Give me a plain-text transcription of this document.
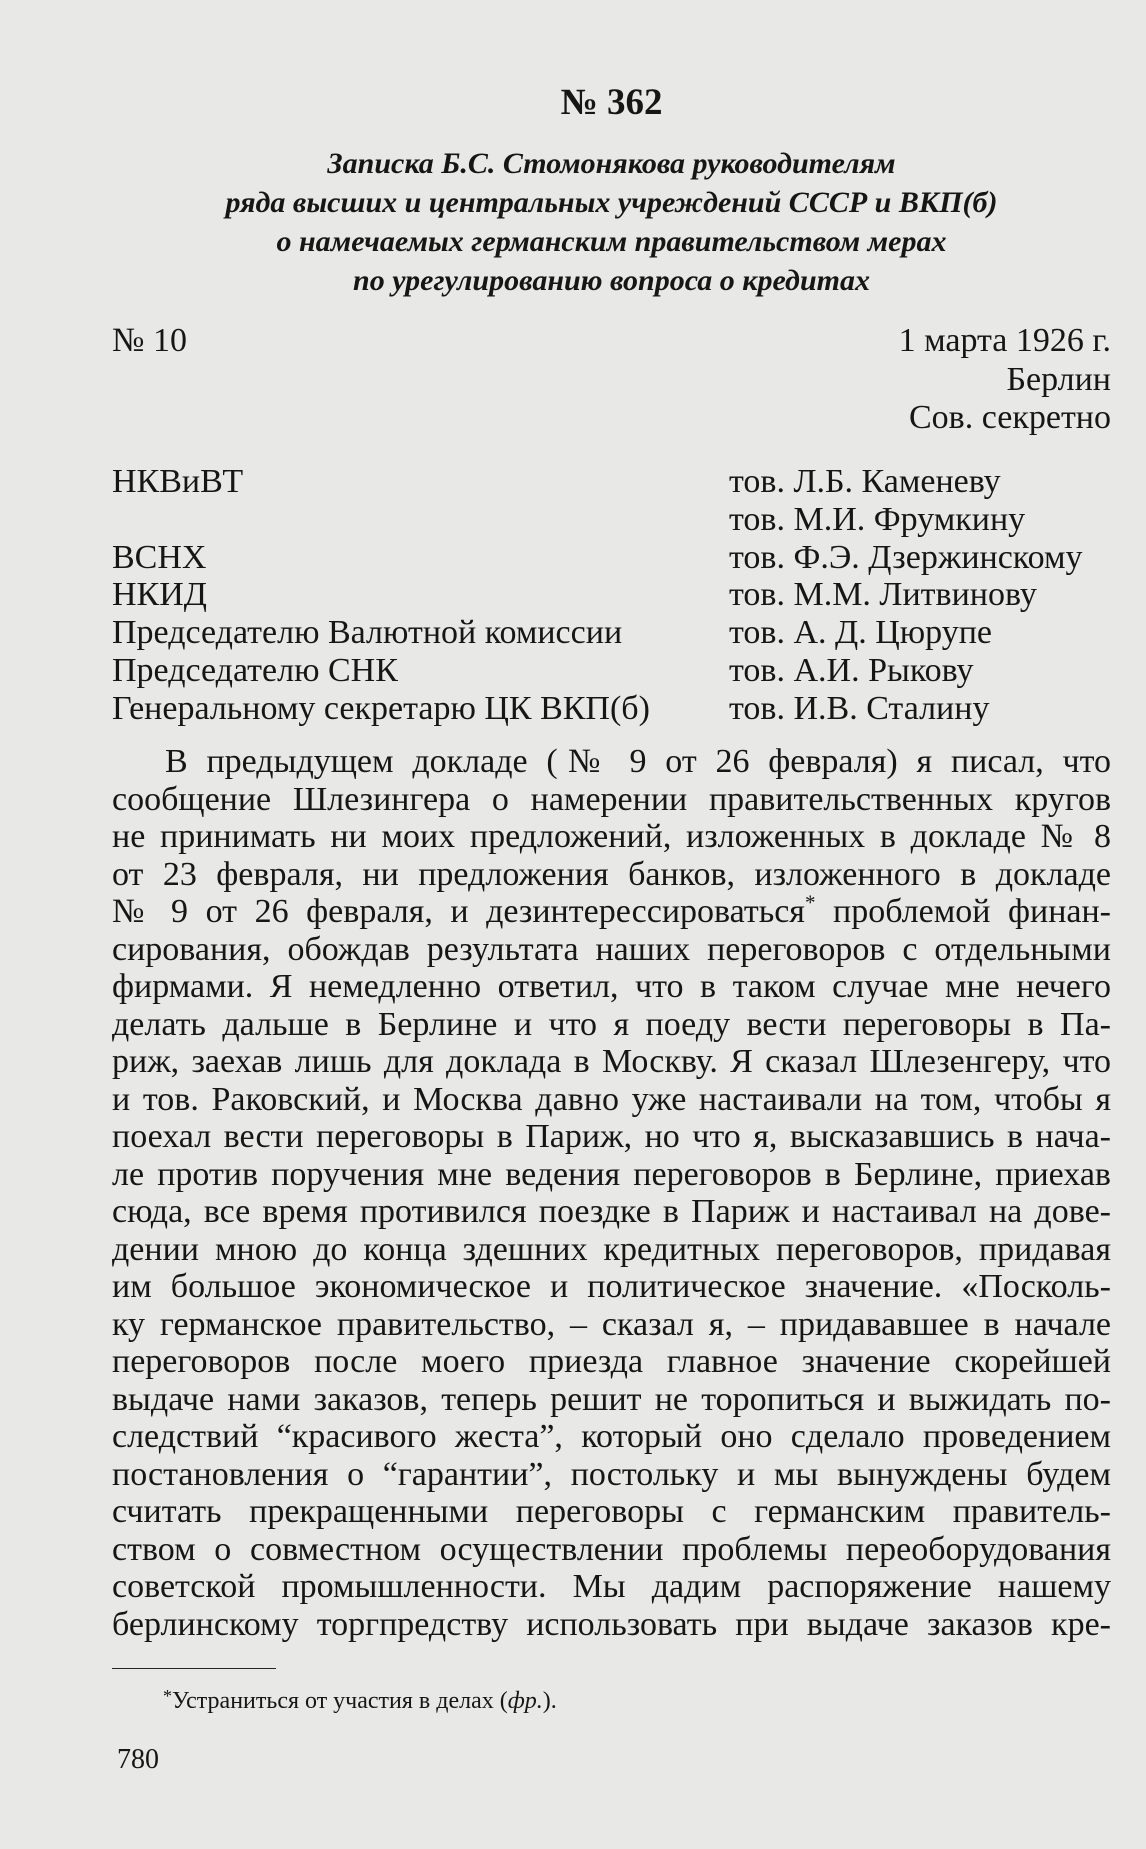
№ 362
Записка Б.С. Стомонякова руководителям
ряда высших и центральных учреждений СССР и ВКП(б)
о намечаемых германским правительством мерах
по урегулированию вопроса о кредитах
№ 10	1 марта 1926 г.
Берлин
Сов. секретно
НКВиВТ	тов. Л.Б. Каменеву
тов. М.И. Фрумкину
ВСНХ	тов. Ф.Э. Дзержинскому
НКИД	тов. М.М. Литвинову
Председателю Валютной комиссии	тов. А. Д. Цюрупе
Председателю СНК	тов. А.И. Рыкову
Генеральному секретарю ЦК ВКП(б) тов. И.В. Сталину
В предыдущем докладе (№ 9 от 26 февраля) я писал, что
сообщение Шлезингера о намерении правительственных кругов
не принимать ни моих предложений, изложенных в докладе № 8
от 23 февраля, ни предложения банков, изложенного в докладе
№ 9 от 26 февраля, и дезинтерессироваться* проблемой финан-
сирования, обождав результата наших переговоров с отдельными
фирмами. Я немедленно ответил, что в таком случае мне нечего
делать дальше в Берлине и что я поеду вести переговоры в Па-
риж, заехав лишь для доклада в Москву. Я сказал Шлезенгеру, что
и тов. Раковский, и Москва давно уже настаивали на том, чтобы я
поехал вести переговоры в Париж, но что я, высказавшись в нача-
ле против поручения мне ведения переговоров в Берлине, приехав
сюда, все время противился поездке в Париж и настаивал на дове-
дении мною до конца здешних кредитных переговоров, придавая
им большое экономическое и политическое значение. «Посколь-
ку германское правительство, – сказал я, – придававшее в начале
переговоров после моего приезда главное значение скорейшей
выдаче нами заказов, теперь решит не торопиться и выжидать по-
следствий “красивого жеста”, который оно сделало проведением
постановления о “гарантии”, постольку и мы вынуждены будем
считать прекращенными переговоры с германским правитель-
ством о совместном осуществлении проблемы переоборудования
советской промышленности. Мы дадим распоряжение нашему
берлинскому торгпредству использовать при выдаче заказов кре-
*Устраниться от участия в делах (фр.).
780
